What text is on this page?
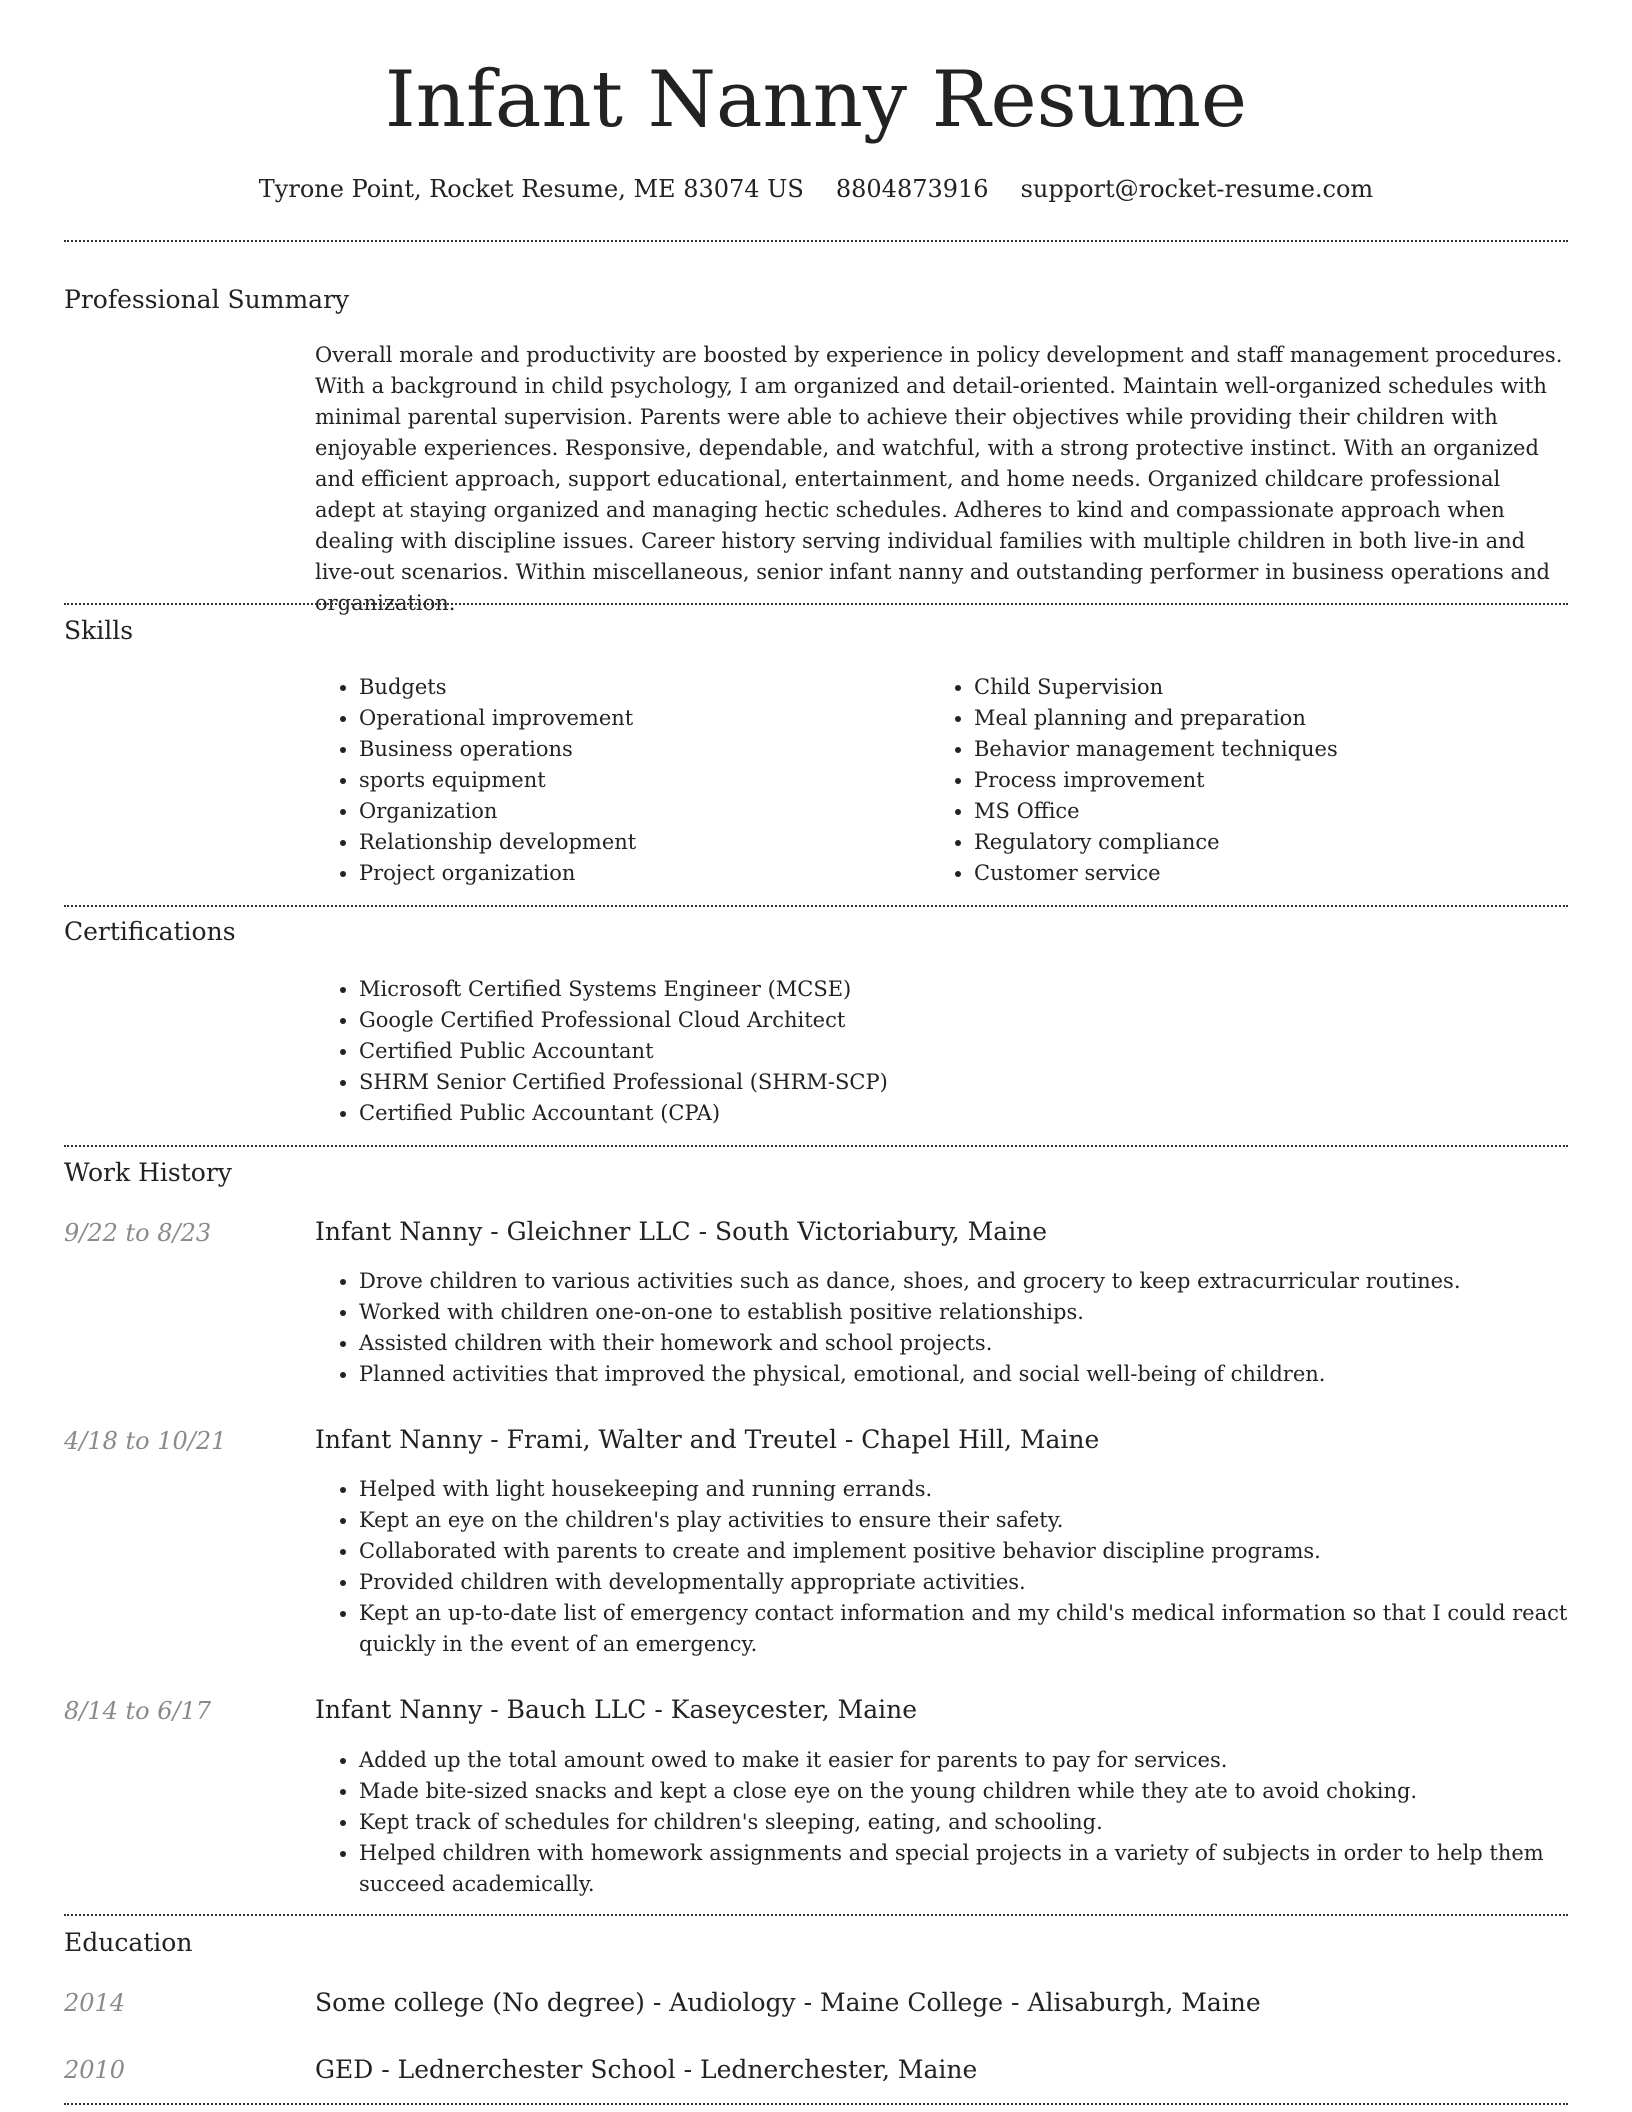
Infant Nanny Resume
Tyrone Point, Rocket Resume, ME 83074 US 8804873916 support@rocket-resume.com
Professional Summary

Overall morale and productivity are boosted by experience in policy development and staff management procedures. With a background in child psychology, I am organized and detail-oriented. Maintain well-organized schedules with minimal parental supervision. Parents were able to achieve their objectives while providing their children with enjoyable experiences. Responsive, dependable, and watchful, with a strong protective instinct. With an organized and efficient approach, support educational, entertainment, and home needs. Organized childcare professional adept at staying organized and managing hectic schedules. Adheres to kind and compassionate approach when dealing with discipline issues. Career history serving individual families with multiple children in both live-in and live-out scenarios. Within miscellaneous, senior infant nanny and outstanding performer in business operations and organization.

Skills
• Budgets
• Operational improvement
• Business operations
• sports equipment
• Organization
• Relationship development
• Project organization
• Child Supervision
• Meal planning and preparation
• Behavior management techniques
• Process improvement
• MS Office
• Regulatory compliance
• Customer service
Certifications
• Microsoft Certified Systems Engineer (MCSE)
• Google Certified Professional Cloud Architect
• Certified Public Accountant
• SHRM Senior Certified Professional (SHRM-SCP)
• Certified Public Accountant (CPA)
Work History
9/22 to 8/23	Infant Nanny - Gleichner LLC - South Victoriabury, Maine
• Drove children to various activities such as dance, shoes, and grocery to keep extracurricular routines.
• Worked with children one-on-one to establish positive relationships.
• Assisted children with their homework and school projects.
• Planned activities that improved the physical, emotional, and social well-being of children.
4/18 to 10/21	Infant Nanny - Frami, Walter and Treutel - Chapel Hill, Maine
• Helped with light housekeeping and running errands.
• Kept an eye on the children's play activities to ensure their safety.
• Collaborated with parents to create and implement positive behavior discipline programs.
• Provided children with developmentally appropriate activities.
• Kept an up-to-date list of emergency contact information and my child's medical information so that I could react quickly in the event of an emergency.
8/14 to 6/17	Infant Nanny - Bauch LLC - Kaseycester, Maine
• Added up the total amount owed to make it easier for parents to pay for services.
• Made bite-sized snacks and kept a close eye on the young children while they ate to avoid choking.
• Kept track of schedules for children's sleeping, eating, and schooling.
• Helped children with homework assignments and special projects in a variety of subjects in order to help them succeed academically.
Education
2014	Some college (No degree) - Audiology - Maine College - Alisaburgh, Maine
2010	GED - Lednerchester School - Lednerchester, Maine
